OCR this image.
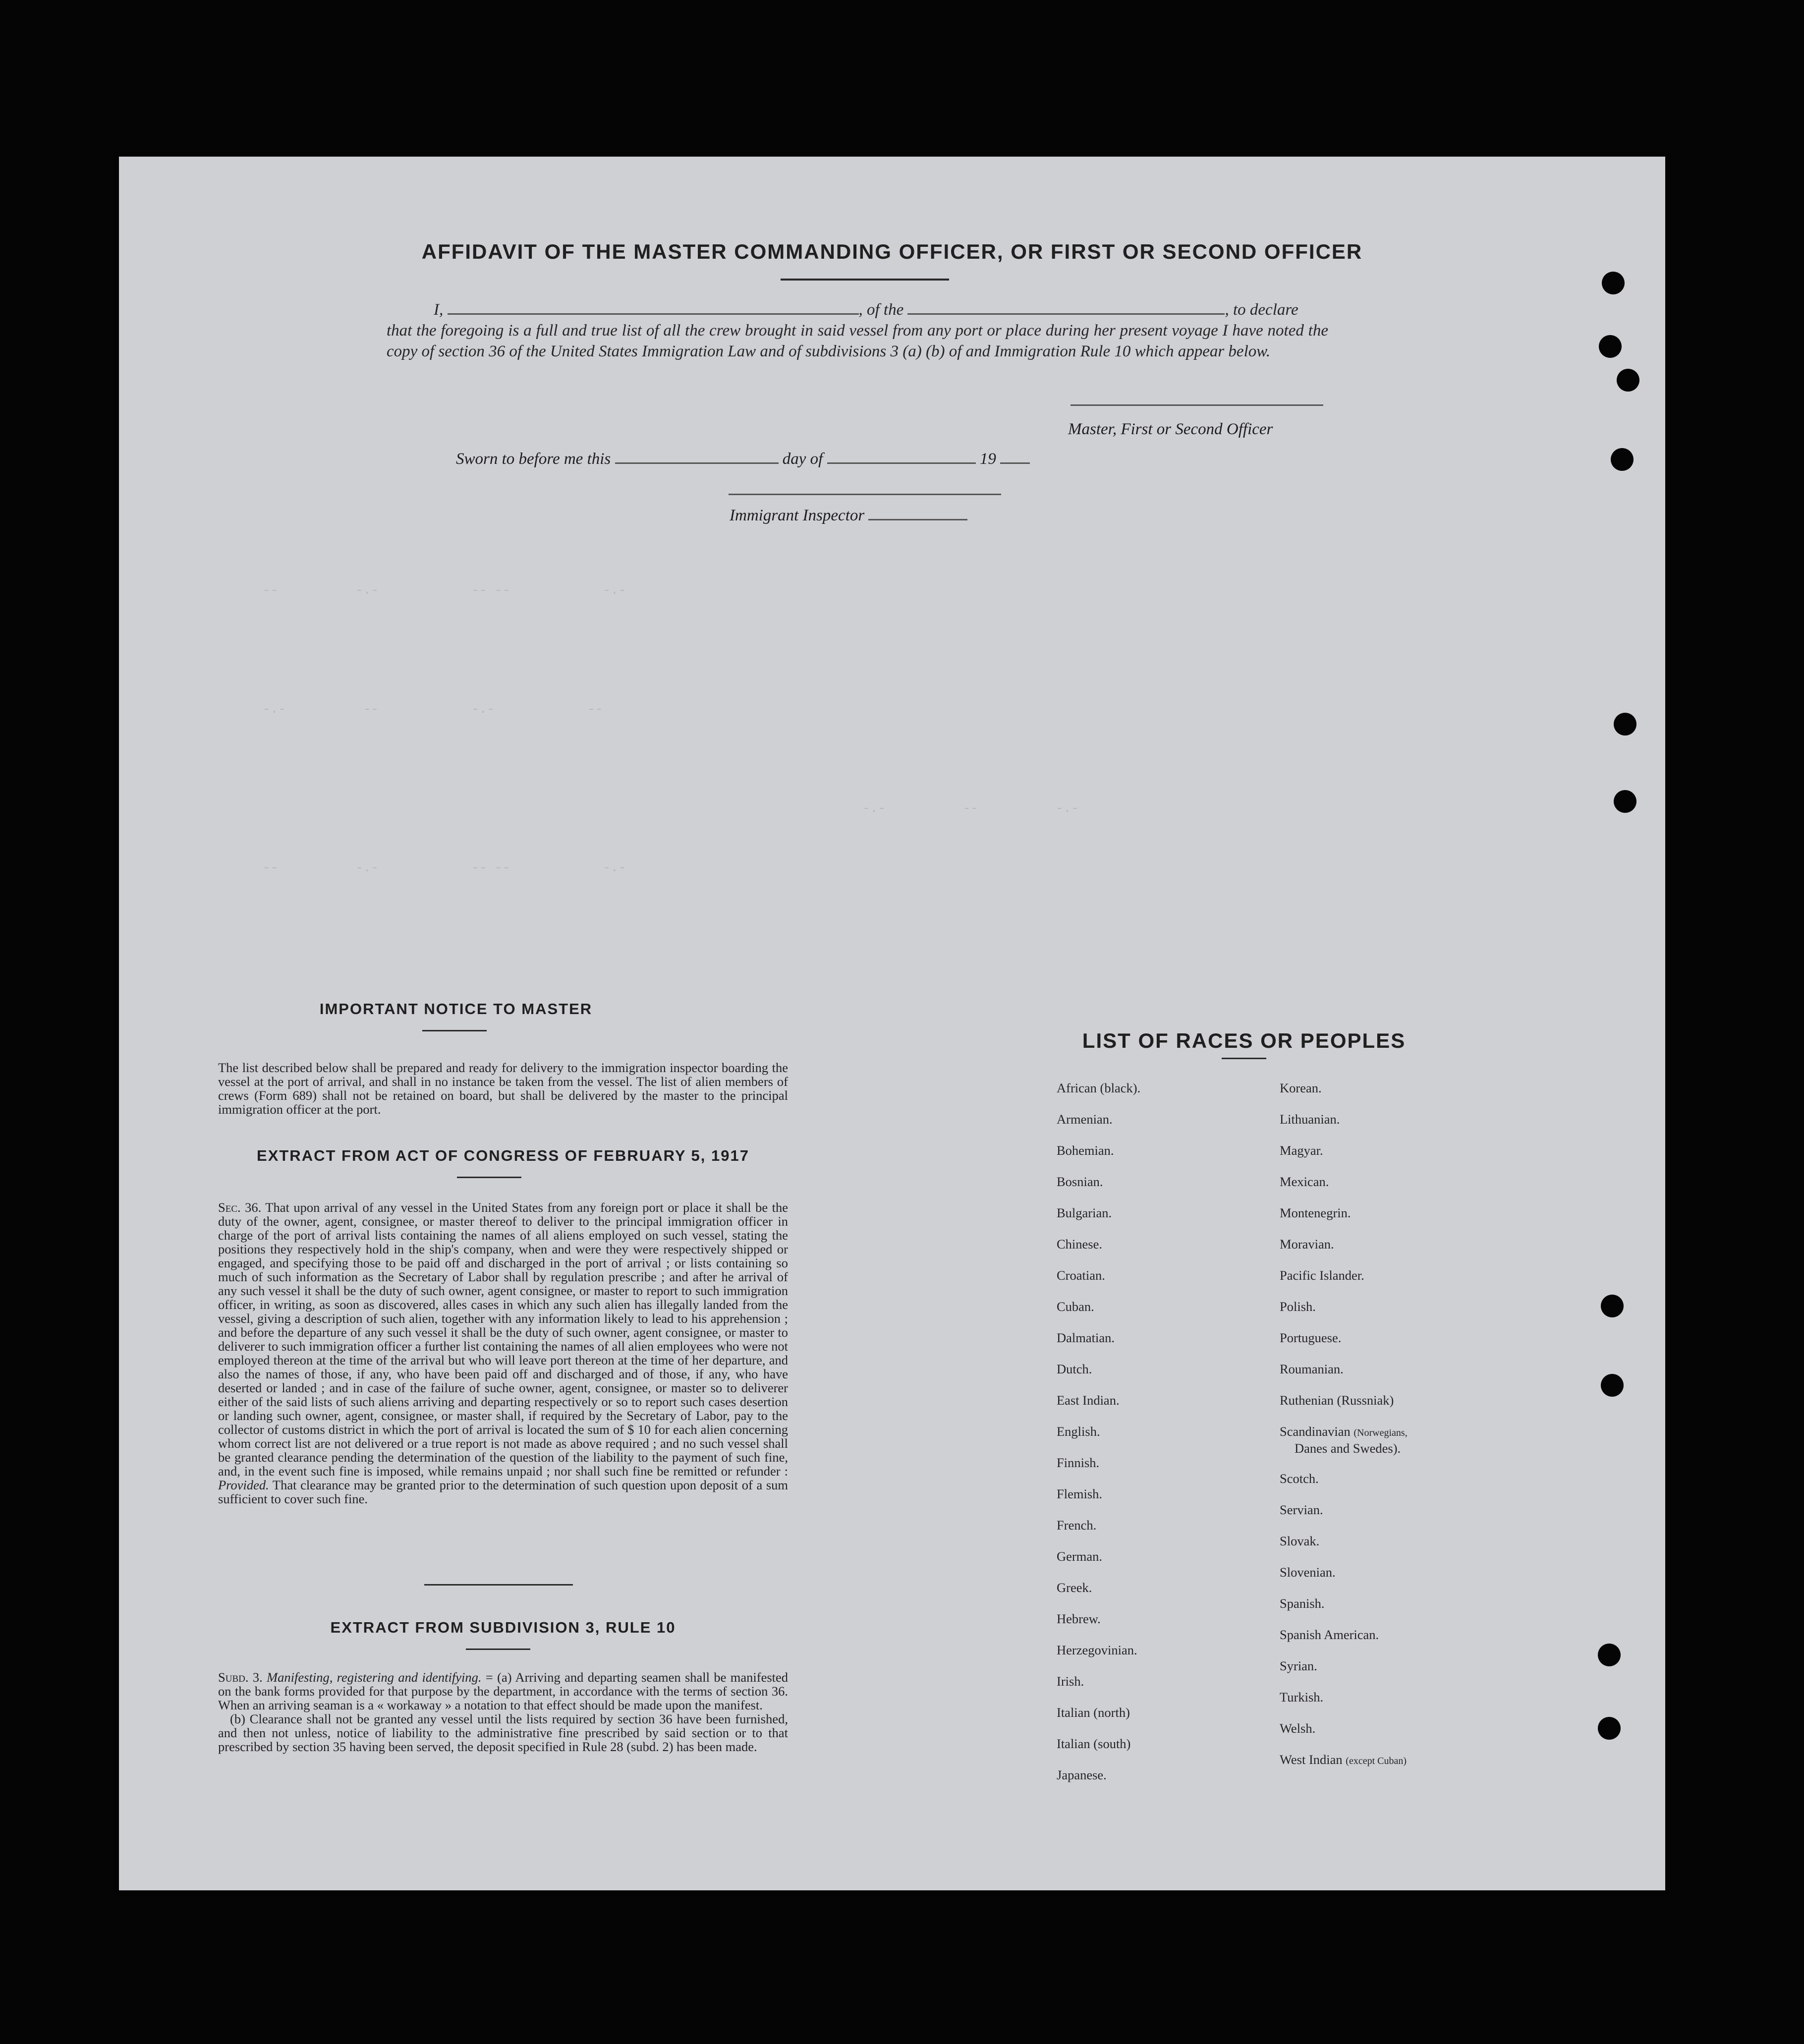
--          -.-            -- --            -.-
-.-          --            -.-            --
--          -.-            -- --            -.-
-.-          --          -.-
AFFIDAVIT OF THE MASTER COMMANDING OFFICER, OR FIRST OR SECOND OFFICER
I,	, of the	, to declare
that the foregoing is a full and true list of all the crew brought in said vessel from any port or place during her present voyage I have noted the copy of section 36 of the United States Immigration Law and of subdivisions 3 (a) (b) of and Immigration Rule 10 which appear below.
Master, First or Second Officer
Sworn to before me this	day of	19
Immigrant Inspector
IMPORTANT NOTICE TO MASTER
The list described below shall be prepared and ready for delivery to the immigration inspector boarding the vessel at the port of arrival, and shall in no instance be taken from the vessel. The list of alien members of crews (Form 689) shall not be retained on board, but shall be delivered by the master to the principal immigration officer at the port.
EXTRACT FROM ACT OF CONGRESS OF FEBRUARY 5, 1917
Sec. 36. That upon arrival of any vessel in the United States from any foreign port or place it shall be the duty of the owner, agent, consignee, or master thereof to deliver to the principal immigration officer in charge of the port of arrival lists containing the names of all aliens employed on such vessel, stating the positions they respectively hold in the ship's company, when and were they were respectively shipped or engaged, and specifying those to be paid off and discharged in the port of arrival ; or lists containing so much of such information as the Secretary of Labor shall by regulation prescribe ; and after he arrival of any such vessel it shall be the duty of such owner, agent consignee, or master to report to such immigration officer, in writing, as soon as discovered, alles cases in which any such alien has illegally landed from the vessel, giving a description of such alien, together with any information likely to lead to his apprehension ; and before the departure of any such vessel it shall be the duty of such owner, agent consignee, or master to deliverer to such immigration officer a further list containing the names of all alien employees who were not employed thereon at the time of the arrival but who will leave port thereon at the time of her departure, and also the names of those, if any, who have been paid off and discharged and of those, if any, who have deserted or landed ; and in case of the failure of suche owner, agent, consignee, or master so to deliverer either of the said lists of such aliens arriving and departing respectively or so to report such cases desertion or landing such owner, agent, consignee, or master shall, if required by the Secretary of Labor, pay to the collector of customs district in which the port of arrival is located the sum of $ 10 for each alien concerning whom correct list are not delivered or a true report is not made as above required ; and no such vessel shall be granted clearance pending the determination of the question of the liability to the payment of such fine, and, in the event such fine is imposed, while remains unpaid ; nor shall such fine be remitted or refunder : Provided. That clearance may be granted prior to the determination of such question upon deposit of a sum sufficient to cover such fine.
EXTRACT FROM SUBDIVISION 3, RULE 10
Subd. 3. Manifesting, registering and identifying. = (a) Arriving and departing seamen shall be manifested on the bank forms provided for that purpose by the department, in accordance with the terms of section 36. When an arriving seaman is a « workaway » a notation to that effect should be made upon the manifest.
(b) Clearance shall not be granted any vessel until the lists required by section 36 have been furnished, and then not unless, notice of liability to the administrative fine prescribed by said section or to that prescribed by section 35 having been served, the deposit specified in Rule 28 (subd. 2) has been made.
LIST OF RACES OR PEOPLES
African (black).
Armenian.
Bohemian.
Bosnian.
Bulgarian.
Chinese.
Croatian.
Cuban.
Dalmatian.
Dutch.
East Indian.
English.
Finnish.
Flemish.
French.
German.
Greek.
Hebrew.
Herzegovinian.
Irish.
Italian (north)
Italian (south)
Japanese.
Korean.
Lithuanian.
Magyar.
Mexican.
Montenegrin.
Moravian.
Pacific Islander.
Polish.
Portuguese.
Roumanian.
Ruthenian (Russniak)
Scandinavian (Norwegians,
Danes and Swedes).
Scotch.
Servian.
Slovak.
Slovenian.
Spanish.
Spanish American.
Syrian.
Turkish.
Welsh.
West Indian (except Cuban)
